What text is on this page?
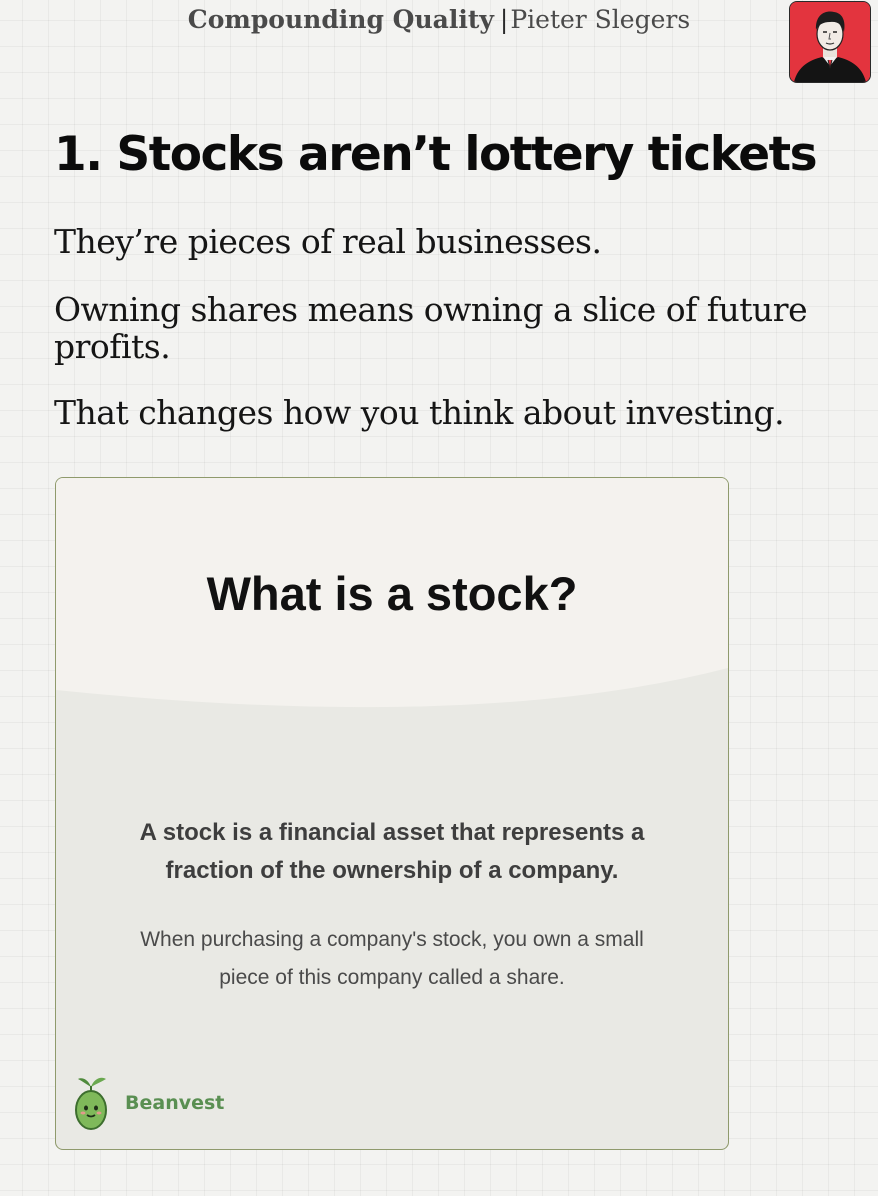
Compounding Quality |Pieter Slegers
1. Stocks aren’t lottery tickets

They’re pieces of real businesses.

Owning shares means owning a slice of future profits.

That changes how you think about investing.

What is a stock?

A stock is a financial asset that represents a fraction of the ownership of a company.

When purchasing a company's stock, you own a small piece of this company called a share.

Beanvest
